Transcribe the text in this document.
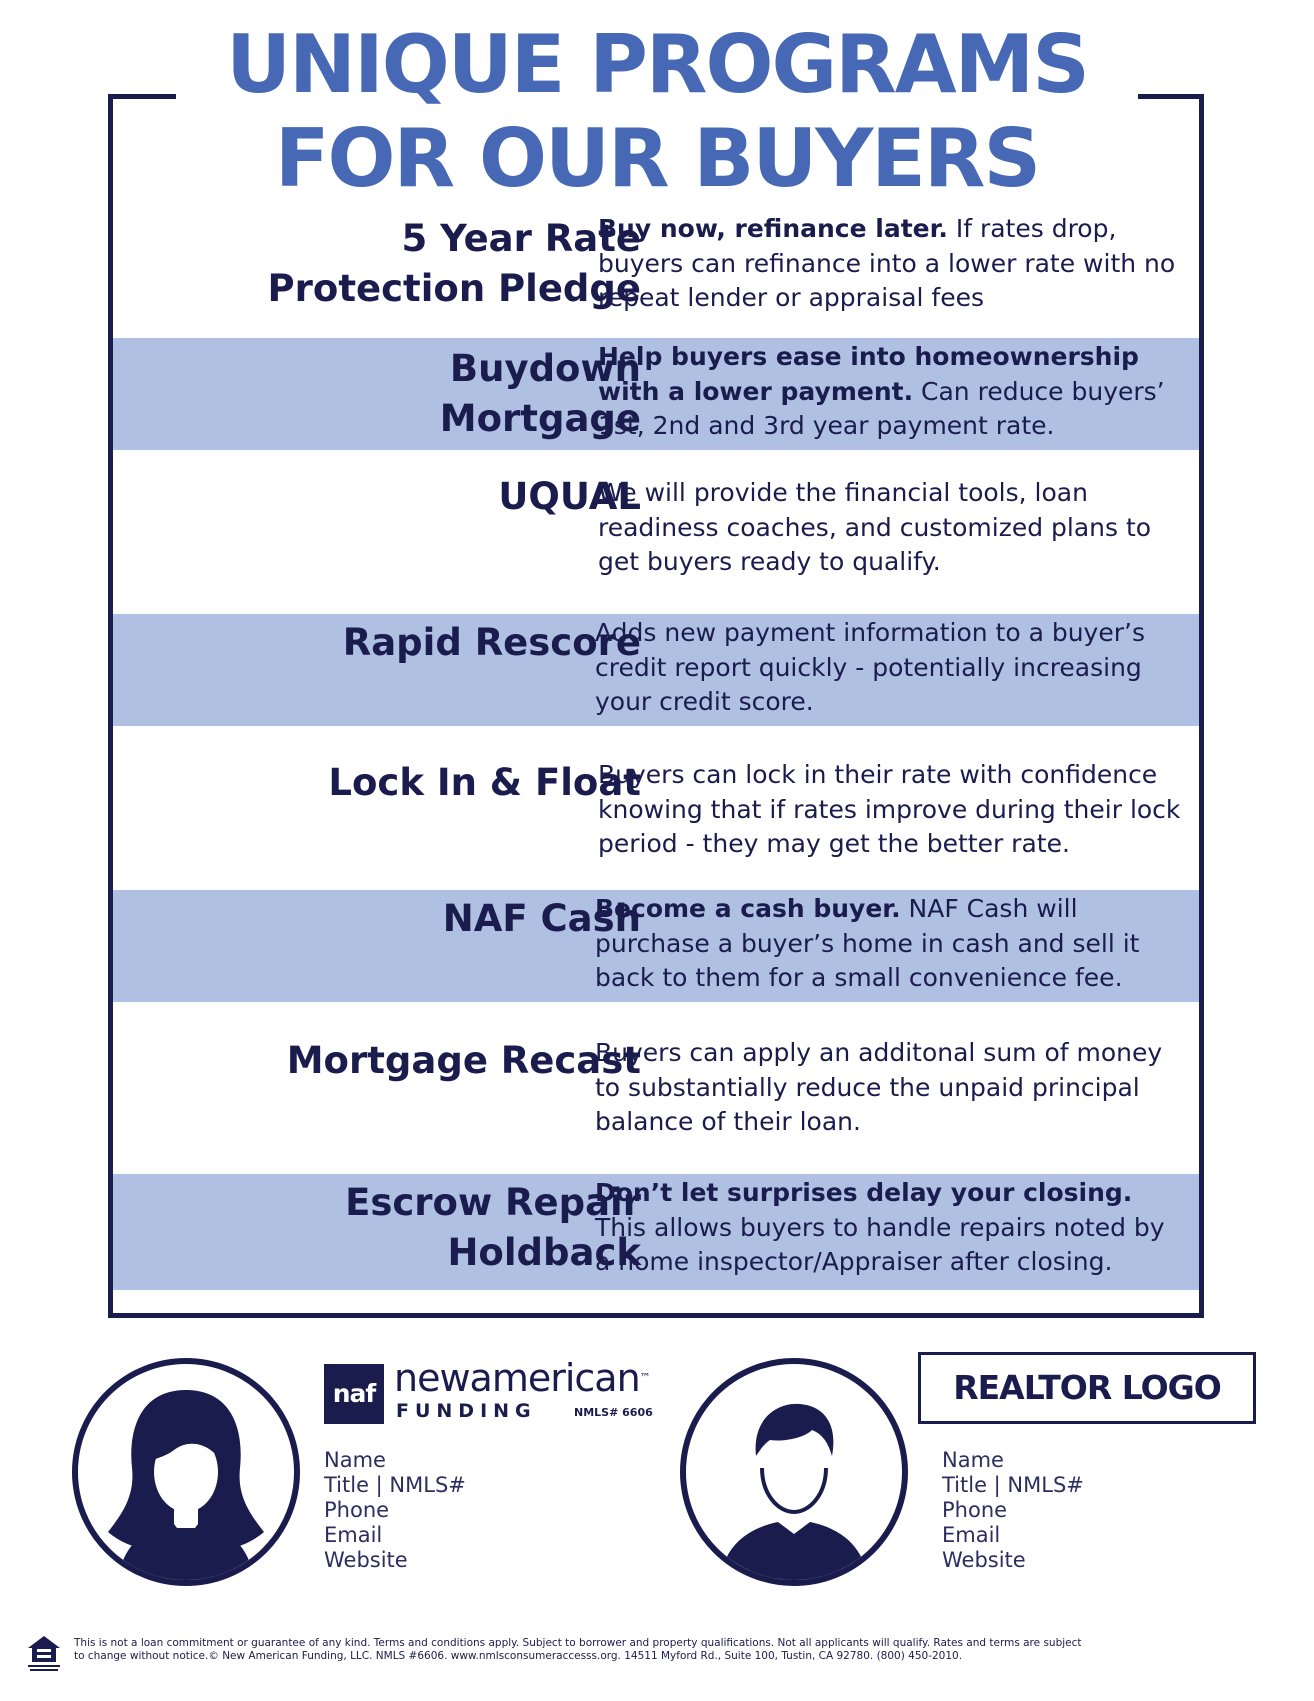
UNIQUE PROGRAMS
FOR OUR BUYERS
5 Year Rate
Protection Pledge
Buy now, refinance later. If rates drop, buyers can refinance into a lower rate with no repeat lender or appraisal fees
Buydown
Mortgage
Help buyers ease into homeownership with a lower payment. Can reduce buyers’ 1st, 2nd and 3rd year payment rate.
UQUAL
We will provide the financial tools, loan readiness coaches, and customized plans to get buyers ready to qualify.
Rapid Rescore
Adds new payment information to a buyer’s credit report quickly - potentially increasing your credit score.
Lock In & Float
Buyers can lock in their rate with confidence knowing that if rates improve during their lock period - they may get the better rate.
NAF Cash
Become a cash buyer. NAF Cash will purchase a buyer’s home in cash and sell it back to them for a small convenience fee.
Mortgage Recast
Buyers can apply an additonal sum of money to substantially reduce the unpaid principal balance of their loan.
Escrow Repair
Holdback
Don’t let surprises delay your closing. This allows buyers to handle repairs noted by a home inspector/Appraiser after closing.
naf newamerican™
FUNDING	NMLS# 6606
Name
Title | NMLS#
Phone
Email
Website
REALTOR LOGO
Name
Title | NMLS#
Phone
Email
Website
This is not a loan commitment or guarantee of any kind. Terms and conditions apply. Subject to borrower and property qualifications. Not all applicants will qualify. Rates and terms are subject to change without notice.© New American Funding, LLC. NMLS #6606. www.nmlsconsumeraccesss.org. 14511 Myford Rd., Suite 100, Tustin, CA 92780. (800) 450-2010.
